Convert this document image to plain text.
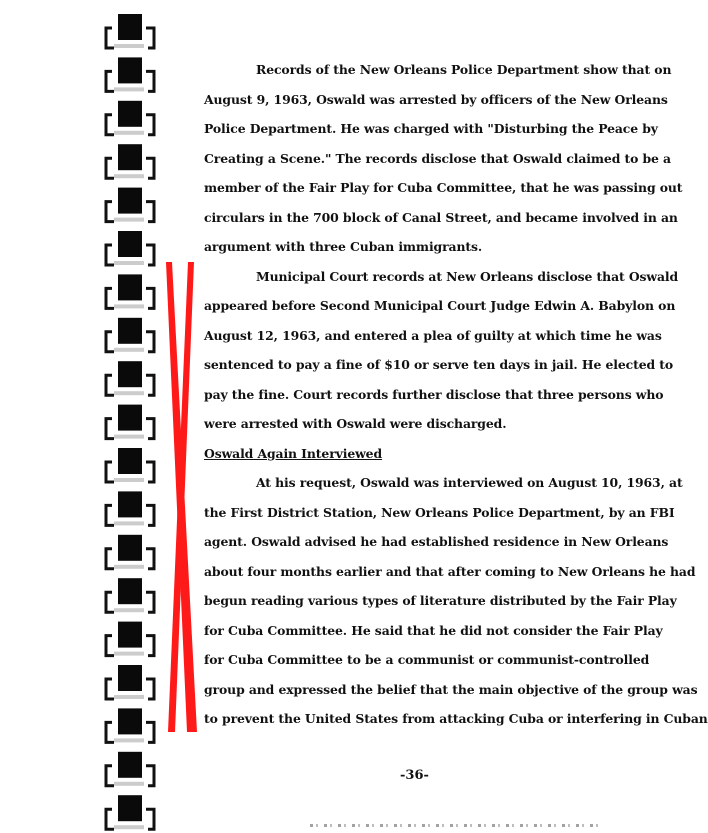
Records of the New Orleans Police Department show that on
August 9, 1963, Oswald was arrested by officers of the New Orleans
Police Department. He was charged with "Disturbing the Peace by
Creating a Scene." The records disclose that Oswald claimed to be a
member of the Fair Play for Cuba Committee, that he was passing out
circulars in the 700 block of Canal Street, and became involved in an
argument with three Cuban immigrants.
Municipal Court records at New Orleans disclose that Oswald
appeared before Second Municipal Court Judge Edwin A. Babylon on
August 12, 1963, and entered a plea of guilty at which time he was
sentenced to pay a fine of $10 or serve ten days in jail. He elected to
pay the fine. Court records further disclose that three persons who
were arrested with Oswald were discharged.
Oswald Again Interviewed
At his request, Oswald was interviewed on August 10, 1963, at
the First District Station, New Orleans Police Department, by an FBI
agent. Oswald advised he had established residence in New Orleans
about four months earlier and that after coming to New Orleans he had
begun reading various types of literature distributed by the Fair Play
for Cuba Committee. He said that he did not consider the Fair Play
for Cuba Committee to be a communist or communist-controlled
group and expressed the belief that the main objective of the group was
to prevent the United States from attacking Cuba or interfering in Cuban
-36-
